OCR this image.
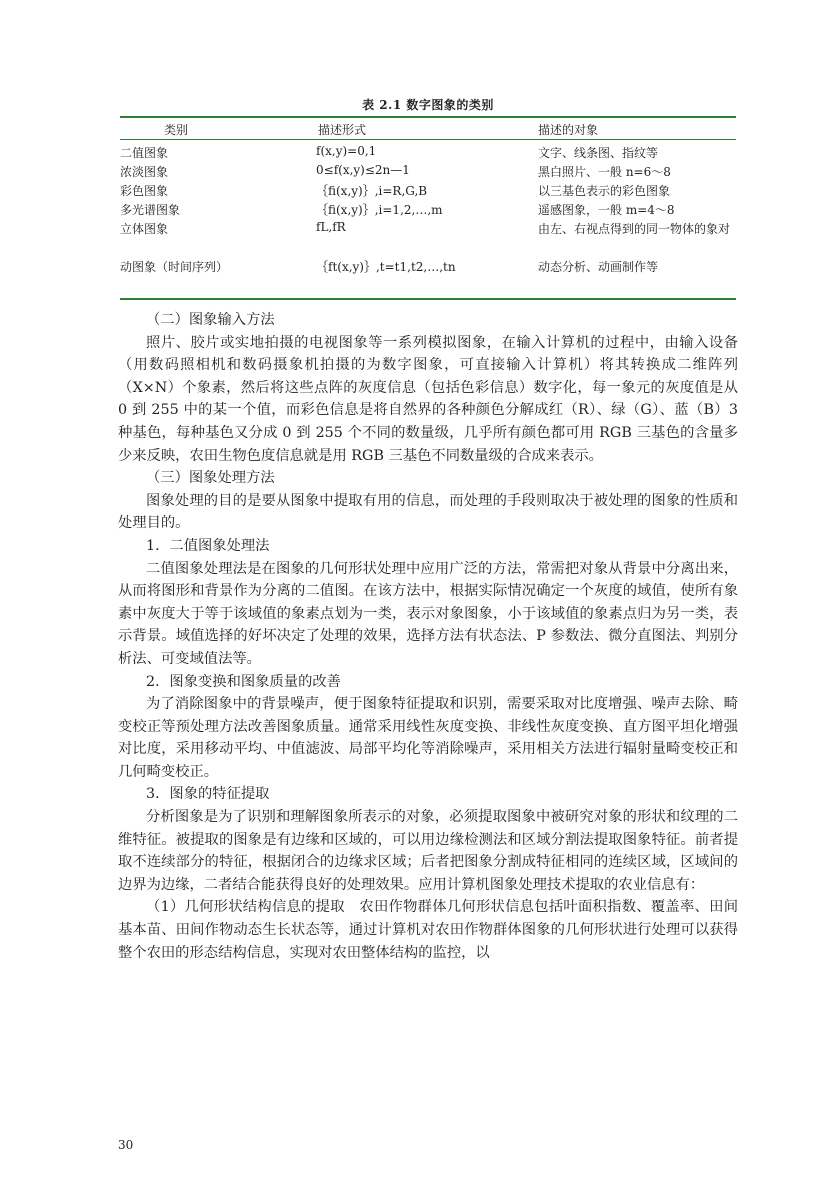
表 2.1 数字图象的类别
类别	描述形式	描述的对象
二值图象	f(x,y)=0,1	文字、线条图、指纹等
浓淡图象	0≤f(x,y)≤2n—1	黑白照片、一般 n=6～8
彩色图象	｛fi(x,y)｝,i=R,G,B	以三基色表示的彩色图象
多光谱图象	｛fi(x,y)｝,i=1,2,…,m	遥感图象，一般 m=4～8
立体图象	fL,fR	由左、右视点得到的同一物体的象对
动图象（时间序列）	｛ft(x,y)｝,t=t1,t2,…,tn	动态分析、动画制作等

（二）图象输入方法

照片、胶片或实地拍摄的电视图象等一系列模拟图象，在输入计算机的过程中，由输入设备（用数码照相机和数码摄象机拍摄的为数字图象，可直接输入计算机）将其转换成二维阵列（X×N）个象素，然后将这些点阵的灰度信息（包括色彩信息）数字化，每一象元的灰度值是从 0 到 255 中的某一个值，而彩色信息是将自然界的各种颜色分解成红（R）、绿（G）、蓝（B）3 种基色，每种基色又分成 0 到 255 个不同的数量级，几乎所有颜色都可用 RGB 三基色的含量多少来反映，农田生物色度信息就是用 RGB 三基色不同数量级的合成来表示。

（三）图象处理方法

图象处理的目的是要从图象中提取有用的信息，而处理的手段则取决于被处理的图象的性质和处理目的。

1．二值图象处理法

二值图象处理法是在图象的几何形状处理中应用广泛的方法，常需把对象从背景中分离出来，从而将图形和背景作为分离的二值图。在该方法中，根据实际情况确定一个灰度的域值，使所有象素中灰度大于等于该域值的象素点划为一类，表示对象图象，小于该域值的象素点归为另一类，表示背景。域值选择的好坏决定了处理的效果，选择方法有状态法、P 参数法、微分直图法、判别分析法、可变域值法等。

2．图象变换和图象质量的改善

为了消除图象中的背景噪声，便于图象特征提取和识别，需要采取对比度增强、噪声去除、畸变校正等预处理方法改善图象质量。通常采用线性灰度变换、非线性灰度变换、直方图平坦化增强对比度，采用移动平均、中值滤波、局部平均化等消除噪声，采用相关方法进行辐射量畸变校正和几何畸变校正。

3．图象的特征提取

分析图象是为了识别和理解图象所表示的对象，必须提取图象中被研究对象的形状和纹理的二维特征。被提取的图象是有边缘和区域的，可以用边缘检测法和区域分割法提取图象特征。前者提取不连续部分的特征，根据闭合的边缘求区域；后者把图象分割成特征相同的连续区域，区域间的边界为边缘，二者结合能获得良好的处理效果。应用计算机图象处理技术提取的农业信息有：

（1）几何形状结构信息的提取　农田作物群体几何形状信息包括叶面积指数、覆盖率、田间基本苗、田间作物动态生长状态等，通过计算机对农田作物群体图象的几何形状进行处理可以获得整个农田的形态结构信息，实现对农田整体结构的监控，以

30
